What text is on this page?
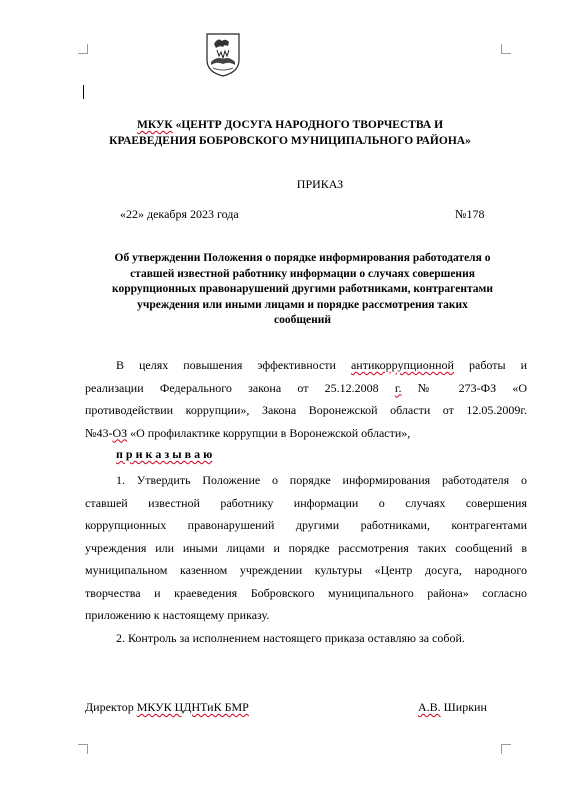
МКУК «ЦЕНТР ДОСУГА НАРОДНОГО ТВОРЧЕСТВА И
КРАЕВЕДЕНИЯ БОБРОВСКОГО МУНИЦИПАЛЬНОГО РАЙОНА»
ПРИКАЗ
«22» декабря 2023 года	№178
Об утверждении Положения о порядке информирования работодателя о
ставшей известной работнику информации о случаях совершения
коррупционных правонарушений другими работниками, контрагентами
учреждения или иными лицами и порядке рассмотрения таких
сообщений
В целях повышения эффективности антикоррупционной работы и
реализации Федерального закона от 25.12.2008 г. № 273-ФЗ «О
противодействии коррупции», Закона Воронежской области от 12.05.2009г.
№43-ОЗ «О профилактике коррупции в Воронежской области»,
п р и к а з ы в а ю
1. Утвердить Положение о порядке информирования работодателя о
ставшей известной работнику информации о случаях совершения
коррупционных правонарушений другими работниками, контрагентами
учреждения или иными лицами и порядке рассмотрения таких сообщений в
муниципальном казенном учреждении культуры «Центр досуга, народного
творчества и краеведения Бобровского муниципального района» согласно
приложению к настоящему приказу.
2. Контроль за исполнением настоящего приказа оставляю за собой.
Директор МКУК ЦДНТиК БМР	А.В. Ширкин
